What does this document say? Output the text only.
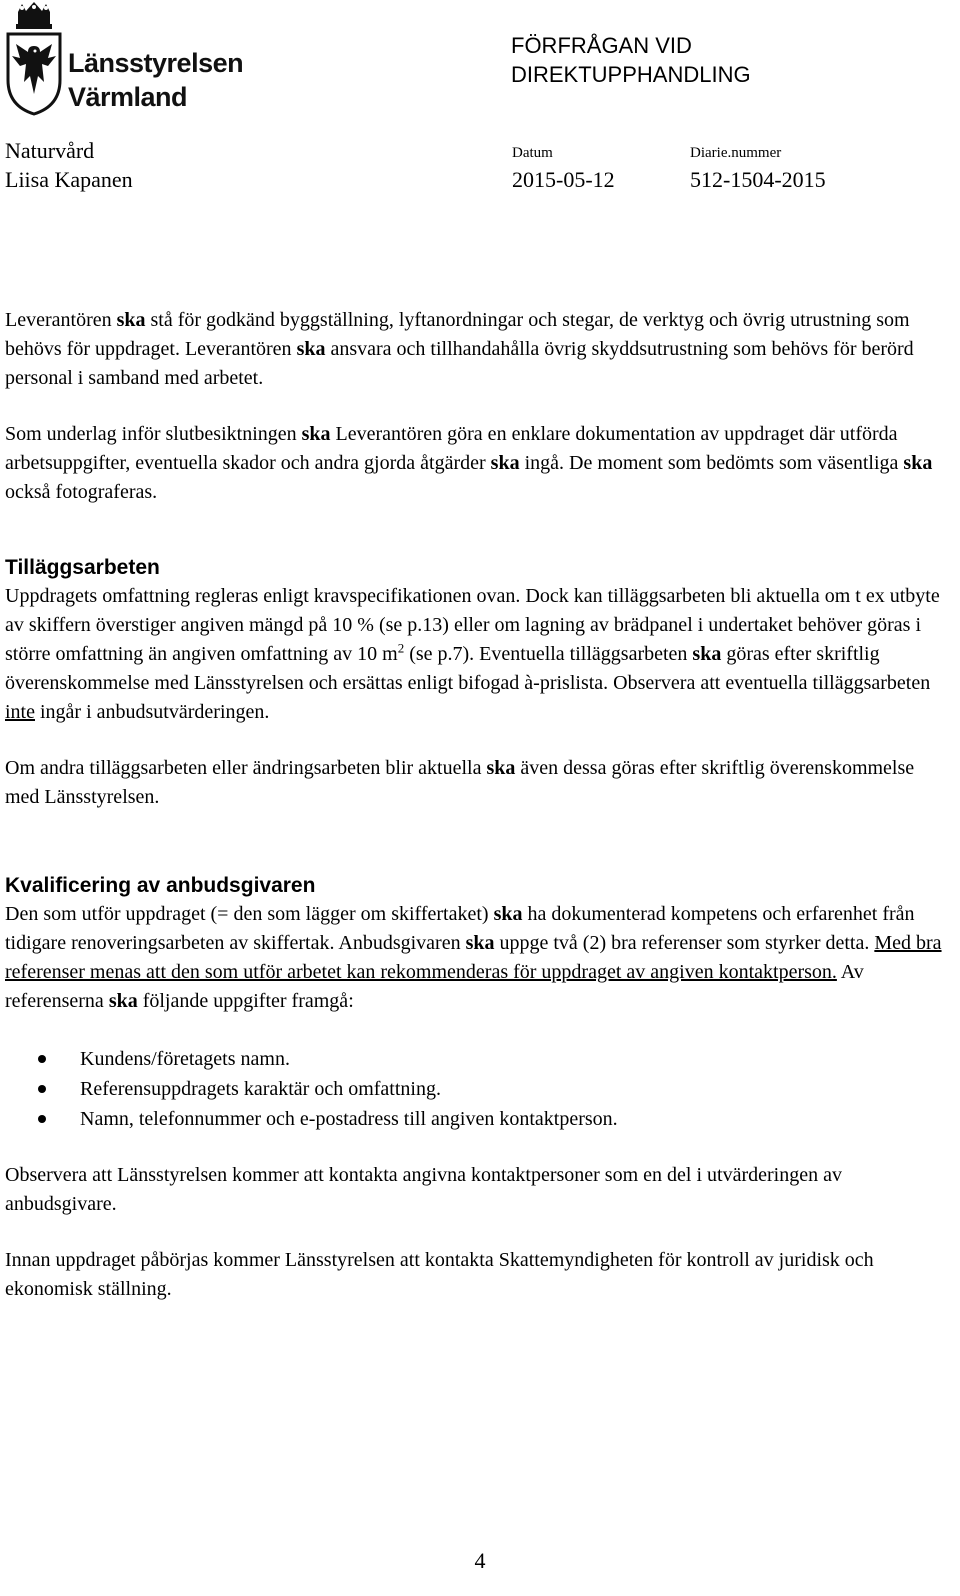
Länsstyrelsen
Värmland
FÖRFRÅGAN VID
DIREKTUPPHANDLING
Naturvård
Liisa Kapanen
Datum
2015-05-12
Diarie.nummer
512-1504-2015

Leverantören ska stå för godkänd byggställning, lyftanordningar och stegar, de verktyg och övrig utrustning som behövs för uppdraget. Leverantören ska ansvara och tillhandahålla övrig skyddsutrustning som behövs för berörd personal i samband med arbetet.

Som underlag inför slutbesiktningen ska Leverantören göra en enklare dokumentation av uppdraget där utförda arbetsuppgifter, eventuella skador och andra gjorda åtgärder ska ingå. De moment som bedömts som väsentliga ska också fotograferas.

Tilläggsarbeten

Uppdragets omfattning regleras enligt kravspecifikationen ovan. Dock kan tilläggsarbeten bli aktuella om t ex utbyte av skiffern överstiger angiven mängd på 10 % (se p.13) eller om lagning av brädpanel i undertaket behöver göras i större omfattning än angiven omfattning av 10 $m^2$ (se p.7). Eventuella tilläggsarbeten ska göras efter skriftlig överenskommelse med Länsstyrelsen och ersättas enligt bifogad à-prislista. Observera att eventuella tilläggsarbeten inte ingår i anbudsutvärderingen.

Om andra tilläggsarbeten eller ändringsarbeten blir aktuella ska även dessa göras efter skriftlig överenskommelse med Länsstyrelsen.

Kvalificering av anbudsgivaren

Den som utför uppdraget (= den som lägger om skiffertaket) ska ha dokumenterad kompetens och erfarenhet från tidigare renoveringsarbeten av skiffertak. Anbudsgivaren ska uppge två (2) bra referenser som styrker detta. Med bra referenser menas att den som utför arbetet kan rekommenderas för uppdraget av angiven kontaktperson. Av referenserna ska följande uppgifter framgå:

Kundens/företagets namn.
Referensuppdragets karaktär och omfattning.
Namn, telefonnummer och e-postadress till angiven kontaktperson.

Observera att Länsstyrelsen kommer att kontakta angivna kontaktpersoner som en del i utvärderingen av anbudsgivare.

Innan uppdraget påbörjas kommer Länsstyrelsen att kontakta Skattemyndigheten för kontroll av juridisk och ekonomisk ställning.

4
